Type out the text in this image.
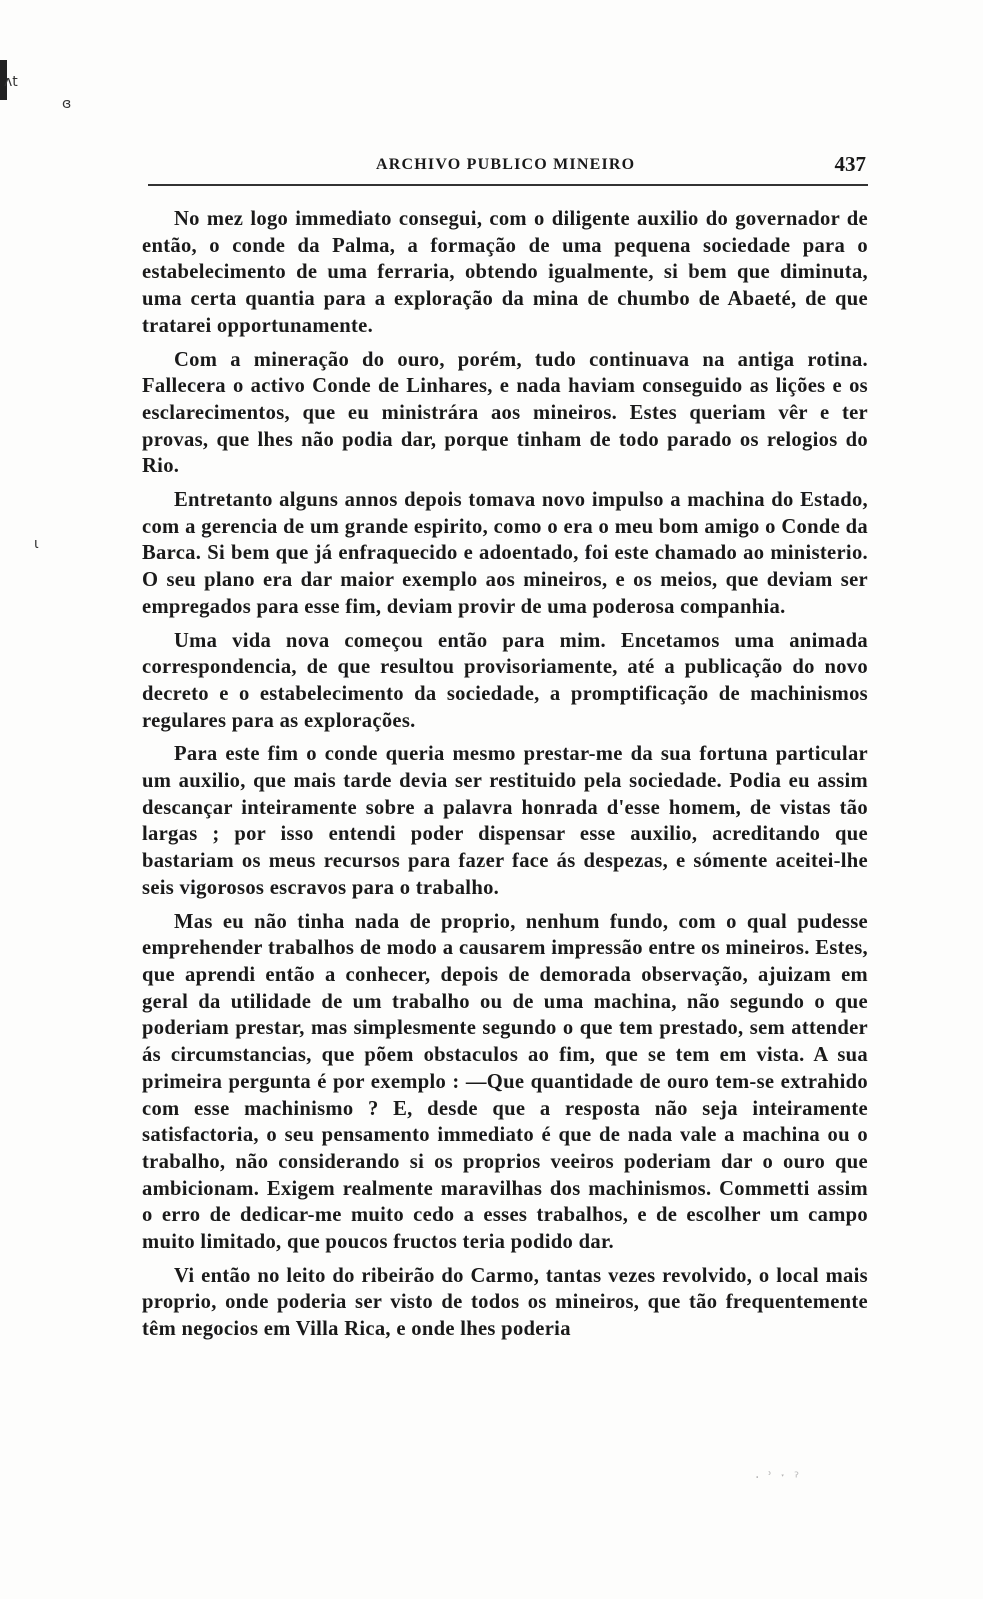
ᴧt
ɞ
ɩ
ARCHIVO PUBLICO MINEIRO	437

No mez logo immediato consegui, com o diligente auxilio do governador de então, o conde da Palma, a formação de uma pequena sociedade para o estabelecimento de uma ferraria, obtendo igualmente, si bem que diminuta, uma certa quantia para a exploração da mina de chumbo de Abaeté, de que tratarei opportunamente.

Com a mineração do ouro, porém, tudo continuava na antiga rotina. Fallecera o activo Conde de Linhares, e nada haviam conseguido as lições e os esclarecimentos, que eu ministrára aos mineiros. Estes queriam vêr e ter provas, que lhes não podia dar, porque tinham de todo parado os relogios do Rio.

Entretanto alguns annos depois tomava novo impulso a machina do Estado, com a gerencia de um grande espirito, como o era o meu bom amigo o Conde da Barca. Si bem que já enfraquecido e adoentado, foi este chamado ao ministerio. O seu plano era dar maior exemplo aos mineiros, e os meios, que deviam ser empregados para esse fim, deviam provir de uma poderosa companhia.

Uma vida nova começou então para mim. Encetamos uma animada correspondencia, de que resultou provisoriamente, até a publicação do novo decreto e o estabelecimento da sociedade, a promptificação de machinismos regulares para as explorações.

Para este fim o conde queria mesmo prestar-me da sua fortuna particular um auxilio, que mais tarde devia ser restituido pela sociedade. Podia eu assim descançar inteiramente sobre a palavra honrada d'esse homem, de vistas tão largas ; por isso entendi poder dispensar esse auxilio, acreditando que bastariam os meus recursos para fazer face ás despezas, e sómente aceitei-lhe seis vigorosos escravos para o trabalho.

Mas eu não tinha nada de proprio, nenhum fundo, com o qual pudesse emprehender trabalhos de modo a causarem impressão entre os mineiros. Estes, que aprendi então a conhecer, depois de demorada observação, ajuizam em geral da utilidade de um trabalho ou de uma machina, não segundo o que poderiam prestar, mas simplesmente segundo o que tem prestado, sem attender ás circumstancias, que põem obstaculos ao fim, que se tem em vista. A sua primeira pergunta é por exemplo : —Que quantidade de ouro tem-se extrahido com esse machinismo ? E, desde que a resposta não seja inteiramente satisfactoria, o seu pensamento immediato é que de nada vale a machina ou o trabalho, não considerando si os proprios veeiros poderiam dar o ouro que ambicionam. Exigem realmente maravilhas dos machinismos. Commetti assim o erro de dedicar-me muito cedo a esses trabalhos, e de escolher um campo muito limitado, que poucos fructos teria podido dar.

Vi então no leito do ribeirão do Carmo, tantas vezes revolvido, o local mais proprio, onde poderia ser visto de todos os mineiros, que tão frequentemente têm negocios em Villa Rica, e onde lhes poderia

· ʾ ˑ ˀ
